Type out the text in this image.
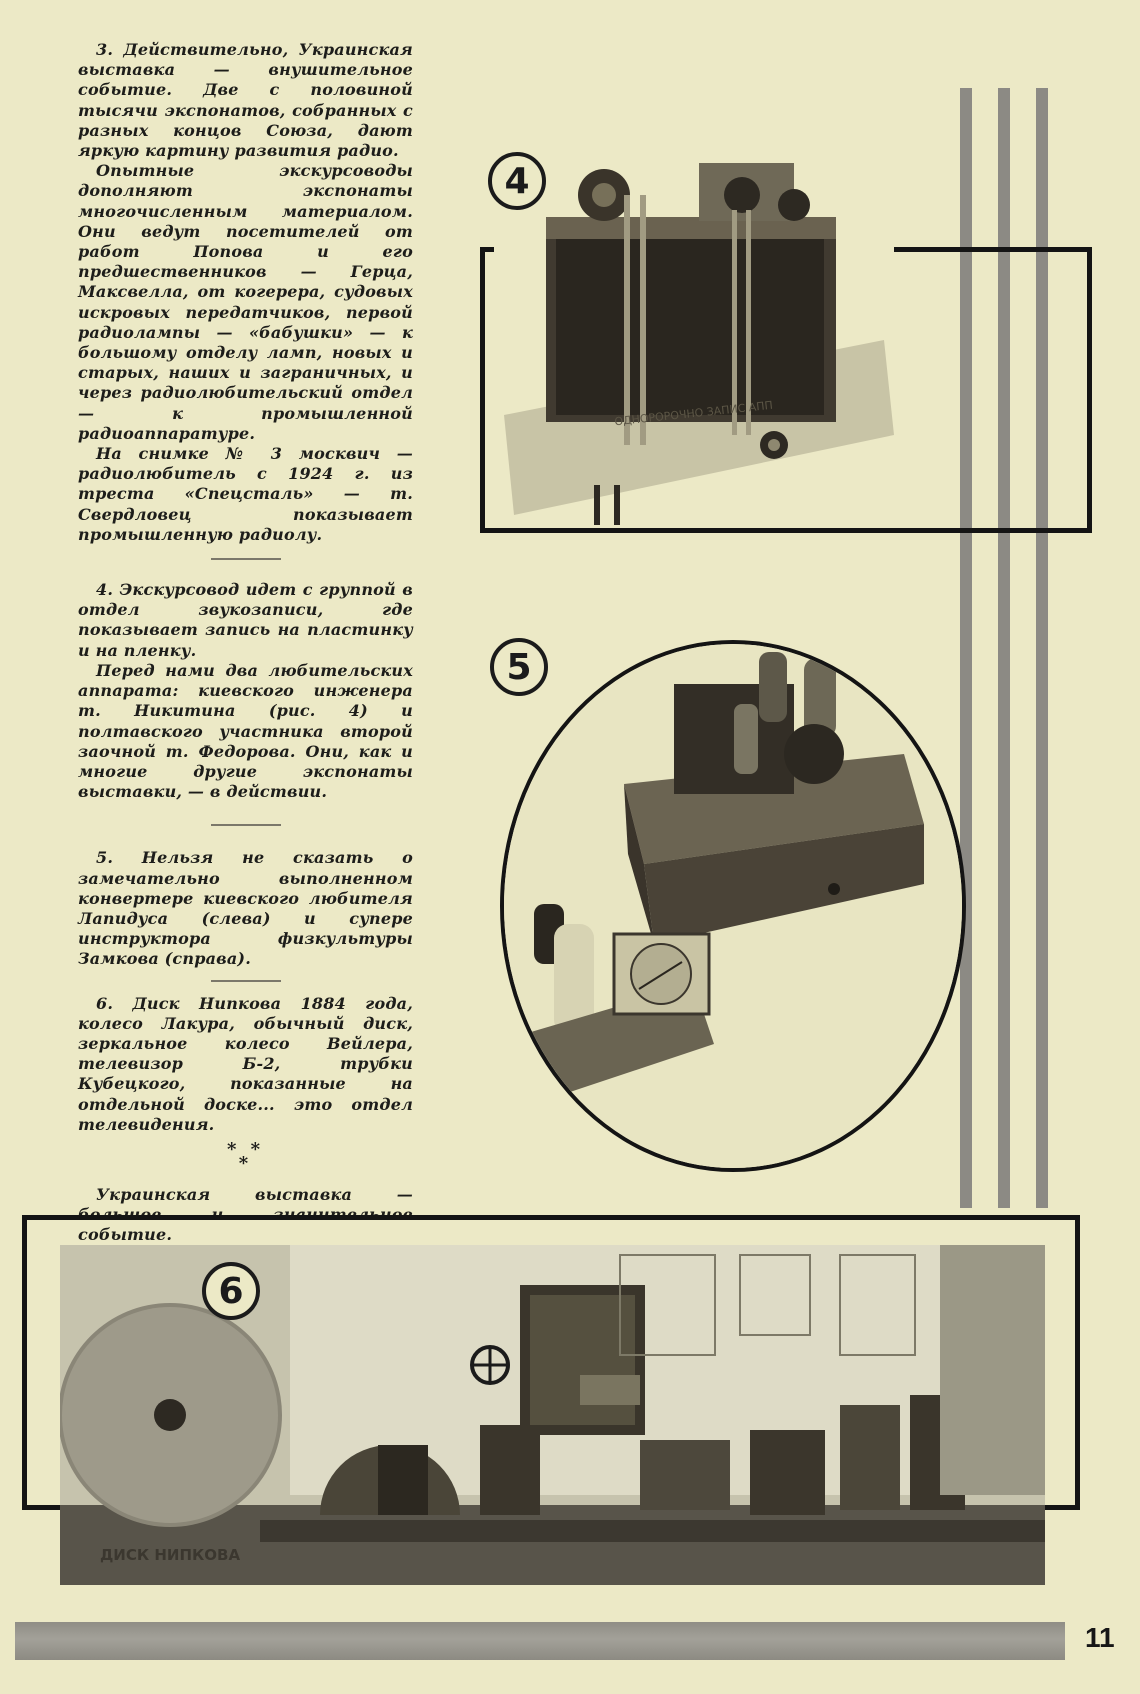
3. Действительно, Украинская выставка — внушительное событие. Две с половиной тысячи экспонатов, собранных с разных концов Союза, дают яркую картину развития радио.

Опытные экскурсоводы дополняют экспонаты многочисленным материалом. Они ведут посетителей от работ Попова и его предшественников — Герца, Максвелла, от когерера, судовых искровых передатчиков, первой радиолампы — «бабушки» — к большому отделу ламп, новых и старых, наших и заграничных, и через радиолюбительский отдел — к промышленной радиоаппаратуре.

На снимке № 3 москвич — радиолюбитель с 1924 г. из треста «Спецсталь» — т. Свердловец показывает промышленную радиолу.

4. Экскурсовод идет с группой в отдел звукозаписи, где показывает запись на пластинку и на пленку.

Перед нами два любительских аппарата: киевского инженера т. Никитина (рис. 4) и полтавского участника второй заочной т. Федорова. Они, как и многие другие экспонаты выставки, — в действии.

5. Нельзя не сказать о замечательно выполненном конвертере киевского любителя Лапидуса (слева) и супере инструктора физкультуры Замкова (справа).

6. Диск Нипкова 1884 года, колесо Лакура, обычный диск, зеркальное колесо Вейлера, телевизор Б-2, трубки Кубецкого, показанные на отдельной доске... это отдел телевидения.

* *
*

Украинская выставка — большое и значительное событие.

ОДНОРОРОЧНО ЗАПИС АПП
4
5
ДИСК НИПКОВА
6
11
